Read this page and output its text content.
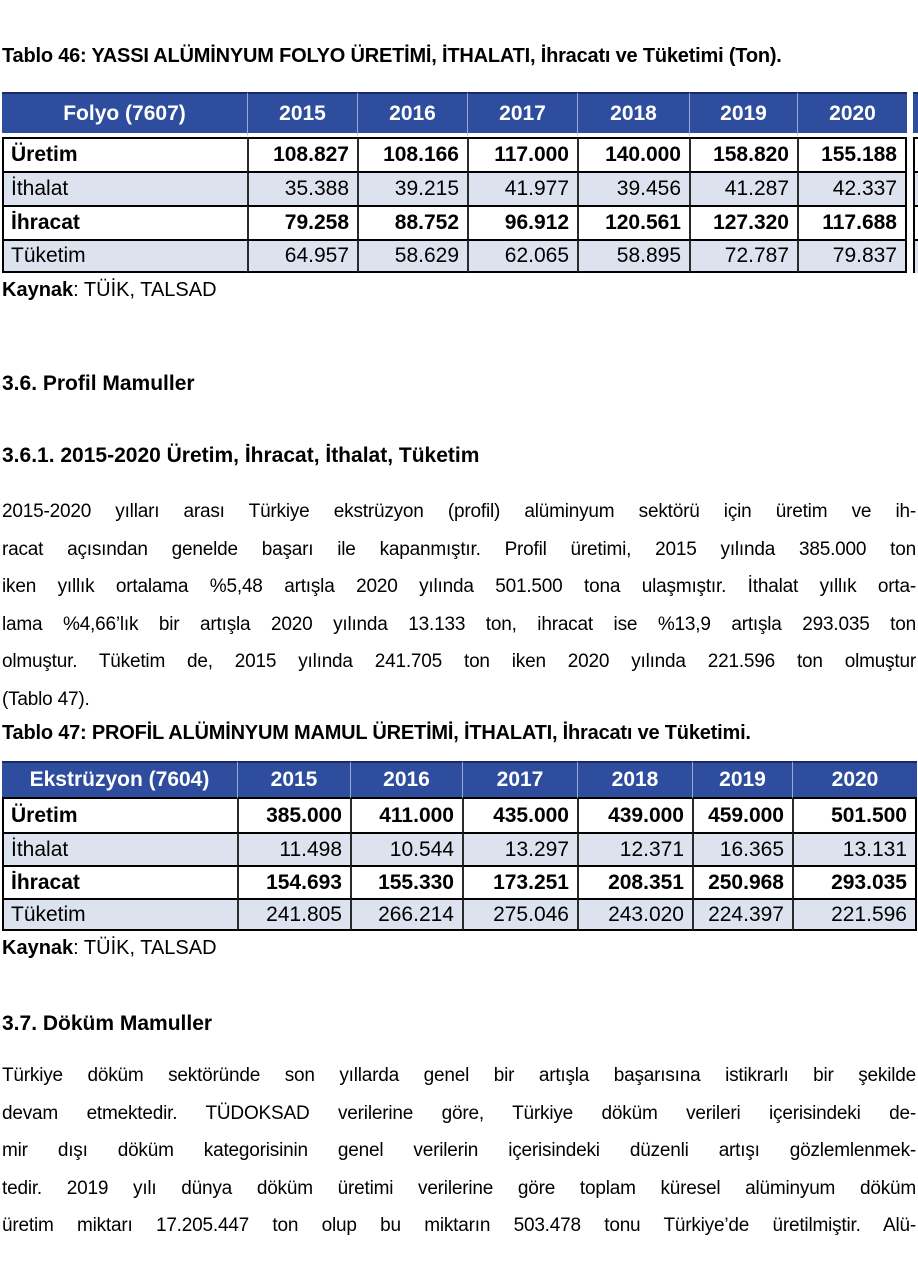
Tablo 46: YASSI ALÜMİNYUM FOLYO ÜRETİMİ, İTHALATI, İhracatı ve Tüketimi (Ton).

Folyo (7607)	2015	2016	2017	2018	2019	2020
Üretim	108.827	108.166	117.000	140.000	158.820	155.188
İthalat	35.388	39.215	41.977	39.456	41.287	42.337
İhracat	79.258	88.752	96.912	120.561	127.320	117.688
Tüketim	64.957	58.629	62.065	58.895	72.787	79.837

Kaynak: TÜİK, TALSAD

3.6. Profil Mamuller

3.6.1. 2015-2020 Üretim, İhracat, İthalat, Tüketim

2015-2020 yılları arası Türkiye ekstrüzyon (profil) alüminyum sektörü için üretim ve ih-
racat açısından genelde başarı ile kapanmıştır. Profil üretimi, 2015 yılında 385.000 ton
iken yıllık ortalama %5,48 artışla 2020 yılında 501.500 tona ulaşmıştır. İthalat yıllık orta-
lama %4,66’lık bir artışla 2020 yılında 13.133 ton, ihracat ise %13,9 artışla 293.035 ton
olmuştur. Tüketim de, 2015 yılında 241.705 ton iken 2020 yılında 221.596 ton olmuştur
(Tablo 47).

Tablo 47: PROFİL ALÜMİNYUM MAMUL ÜRETİMİ, İTHALATI, İhracatı ve Tüketimi.

Ekstrüzyon (7604)	2015	2016	2017	2018	2019	2020
Üretim	385.000	411.000	435.000	439.000	459.000	501.500
İthalat	11.498	10.544	13.297	12.371	16.365	13.131
İhracat	154.693	155.330	173.251	208.351	250.968	293.035
Tüketim	241.805	266.214	275.046	243.020	224.397	221.596

Kaynak: TÜİK, TALSAD

3.7. Döküm Mamuller

Türkiye döküm sektöründe son yıllarda genel bir artışla başarısına istikrarlı bir şekilde
devam etmektedir. TÜDOKSAD verilerine göre, Türkiye döküm verileri içerisindeki de-
mir dışı döküm kategorisinin genel verilerin içerisindeki düzenli artışı gözlemlenmek-
tedir. 2019 yılı dünya döküm üretimi verilerine göre toplam küresel alüminyum döküm
üretim miktarı 17.205.447 ton olup bu miktarın 503.478 tonu Türkiye’de üretilmiştir. Alü-
